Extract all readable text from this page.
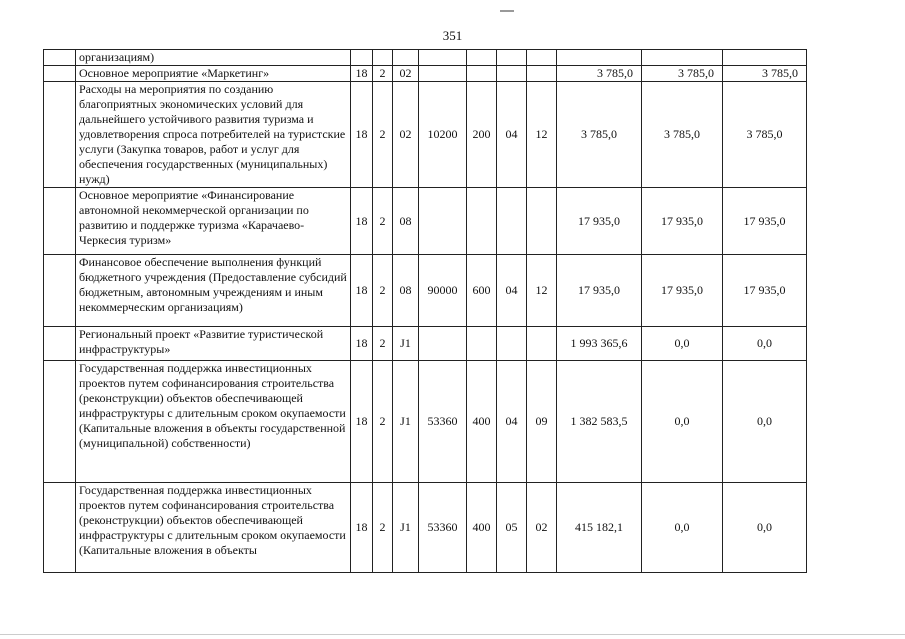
351
	организациям)										
	Основное мероприятие «Маркетинг»	18	2	02					3 785,0	3 785,0	3 785,0
	Расходы на мероприятия по созданию благоприятных экономических условий для дальнейшего устойчивого развития туризма и удовлетворения спроса потребителей на туристские услуги (Закупка товаров, работ и услуг для обеспечения государственных (муниципальных) нужд)	18	2	02	10200	200	04	12	3 785,0	3 785,0	3 785,0
	Основное мероприятие «Финансирование автономной некоммерческой организации по развитию и поддержке туризма «Карачаево-Черкесия туризм»	18	2	08					17 935,0	17 935,0	17 935,0
	Финансовое обеспечение выполнения функций бюджетного учреждения (Предоставление субсидий бюджетным, автономным учреждениям и иным некоммерческим организациям)	18	2	08	90000	600	04	12	17 935,0	17 935,0	17 935,0
	Региональный проект «Развитие туристической инфраструктуры»	18	2	J1					1 993 365,6	0,0	0,0
	Государственная поддержка инвестиционных проектов путем софинансирования строительства (реконструкции) объектов обеспечивающей инфраструктуры с длительным сроком окупаемости (Капитальные вложения в объекты государственной (муниципальной) собственности)	18	2	J1	53360	400	04	09	1 382 583,5	0,0	0,0
	Государственная поддержка инвестиционных проектов путем софинансирования строительства (реконструкции) объектов обеспечивающей инфраструктуры с длительным сроком окупаемости (Капитальные вложения в объекты	18	2	J1	53360	400	05	02	415 182,1	0,0	0,0
